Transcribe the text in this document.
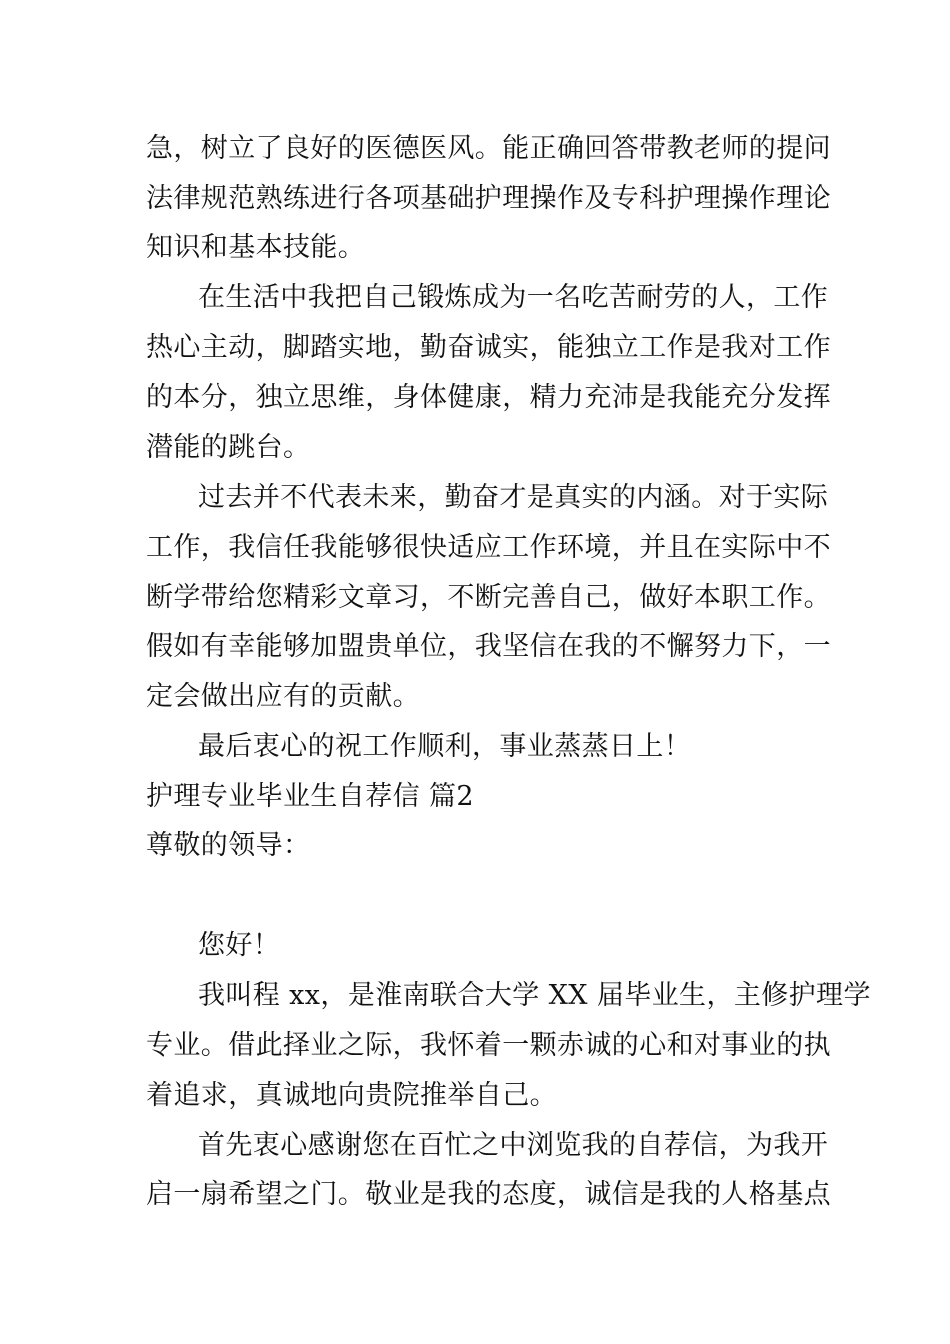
急，树立了良好的医德医风。能正确回答带教老师的提问
法律规范熟练进行各项基础护理操作及专科护理操作理论
知识和基本技能。
在生活中我把自己锻炼成为一名吃苦耐劳的人，工作
热心主动，脚踏实地，勤奋诚实，能独立工作是我对工作
的本分，独立思维，身体健康，精力充沛是我能充分发挥
潜能的跳台。
过去并不代表未来，勤奋才是真实的内涵。对于实际
工作，我信任我能够很快适应工作环境，并且在实际中不
断学带给您精彩文章习，不断完善自己，做好本职工作。
假如有幸能够加盟贵单位，我坚信在我的不懈努力下，一
定会做出应有的贡献。
最后衷心的祝工作顺利，事业蒸蒸日上！
护理专业毕业生自荐信 篇2
尊敬的领导：
您好！
我叫程 xx，是淮南联合大学 XX 届毕业生，主修护理学
专业。借此择业之际，我怀着一颗赤诚的心和对事业的执
着追求，真诚地向贵院推举自己。
首先衷心感谢您在百忙之中浏览我的自荐信，为我开
启一扇希望之门。敬业是我的态度，诚信是我的人格基点
